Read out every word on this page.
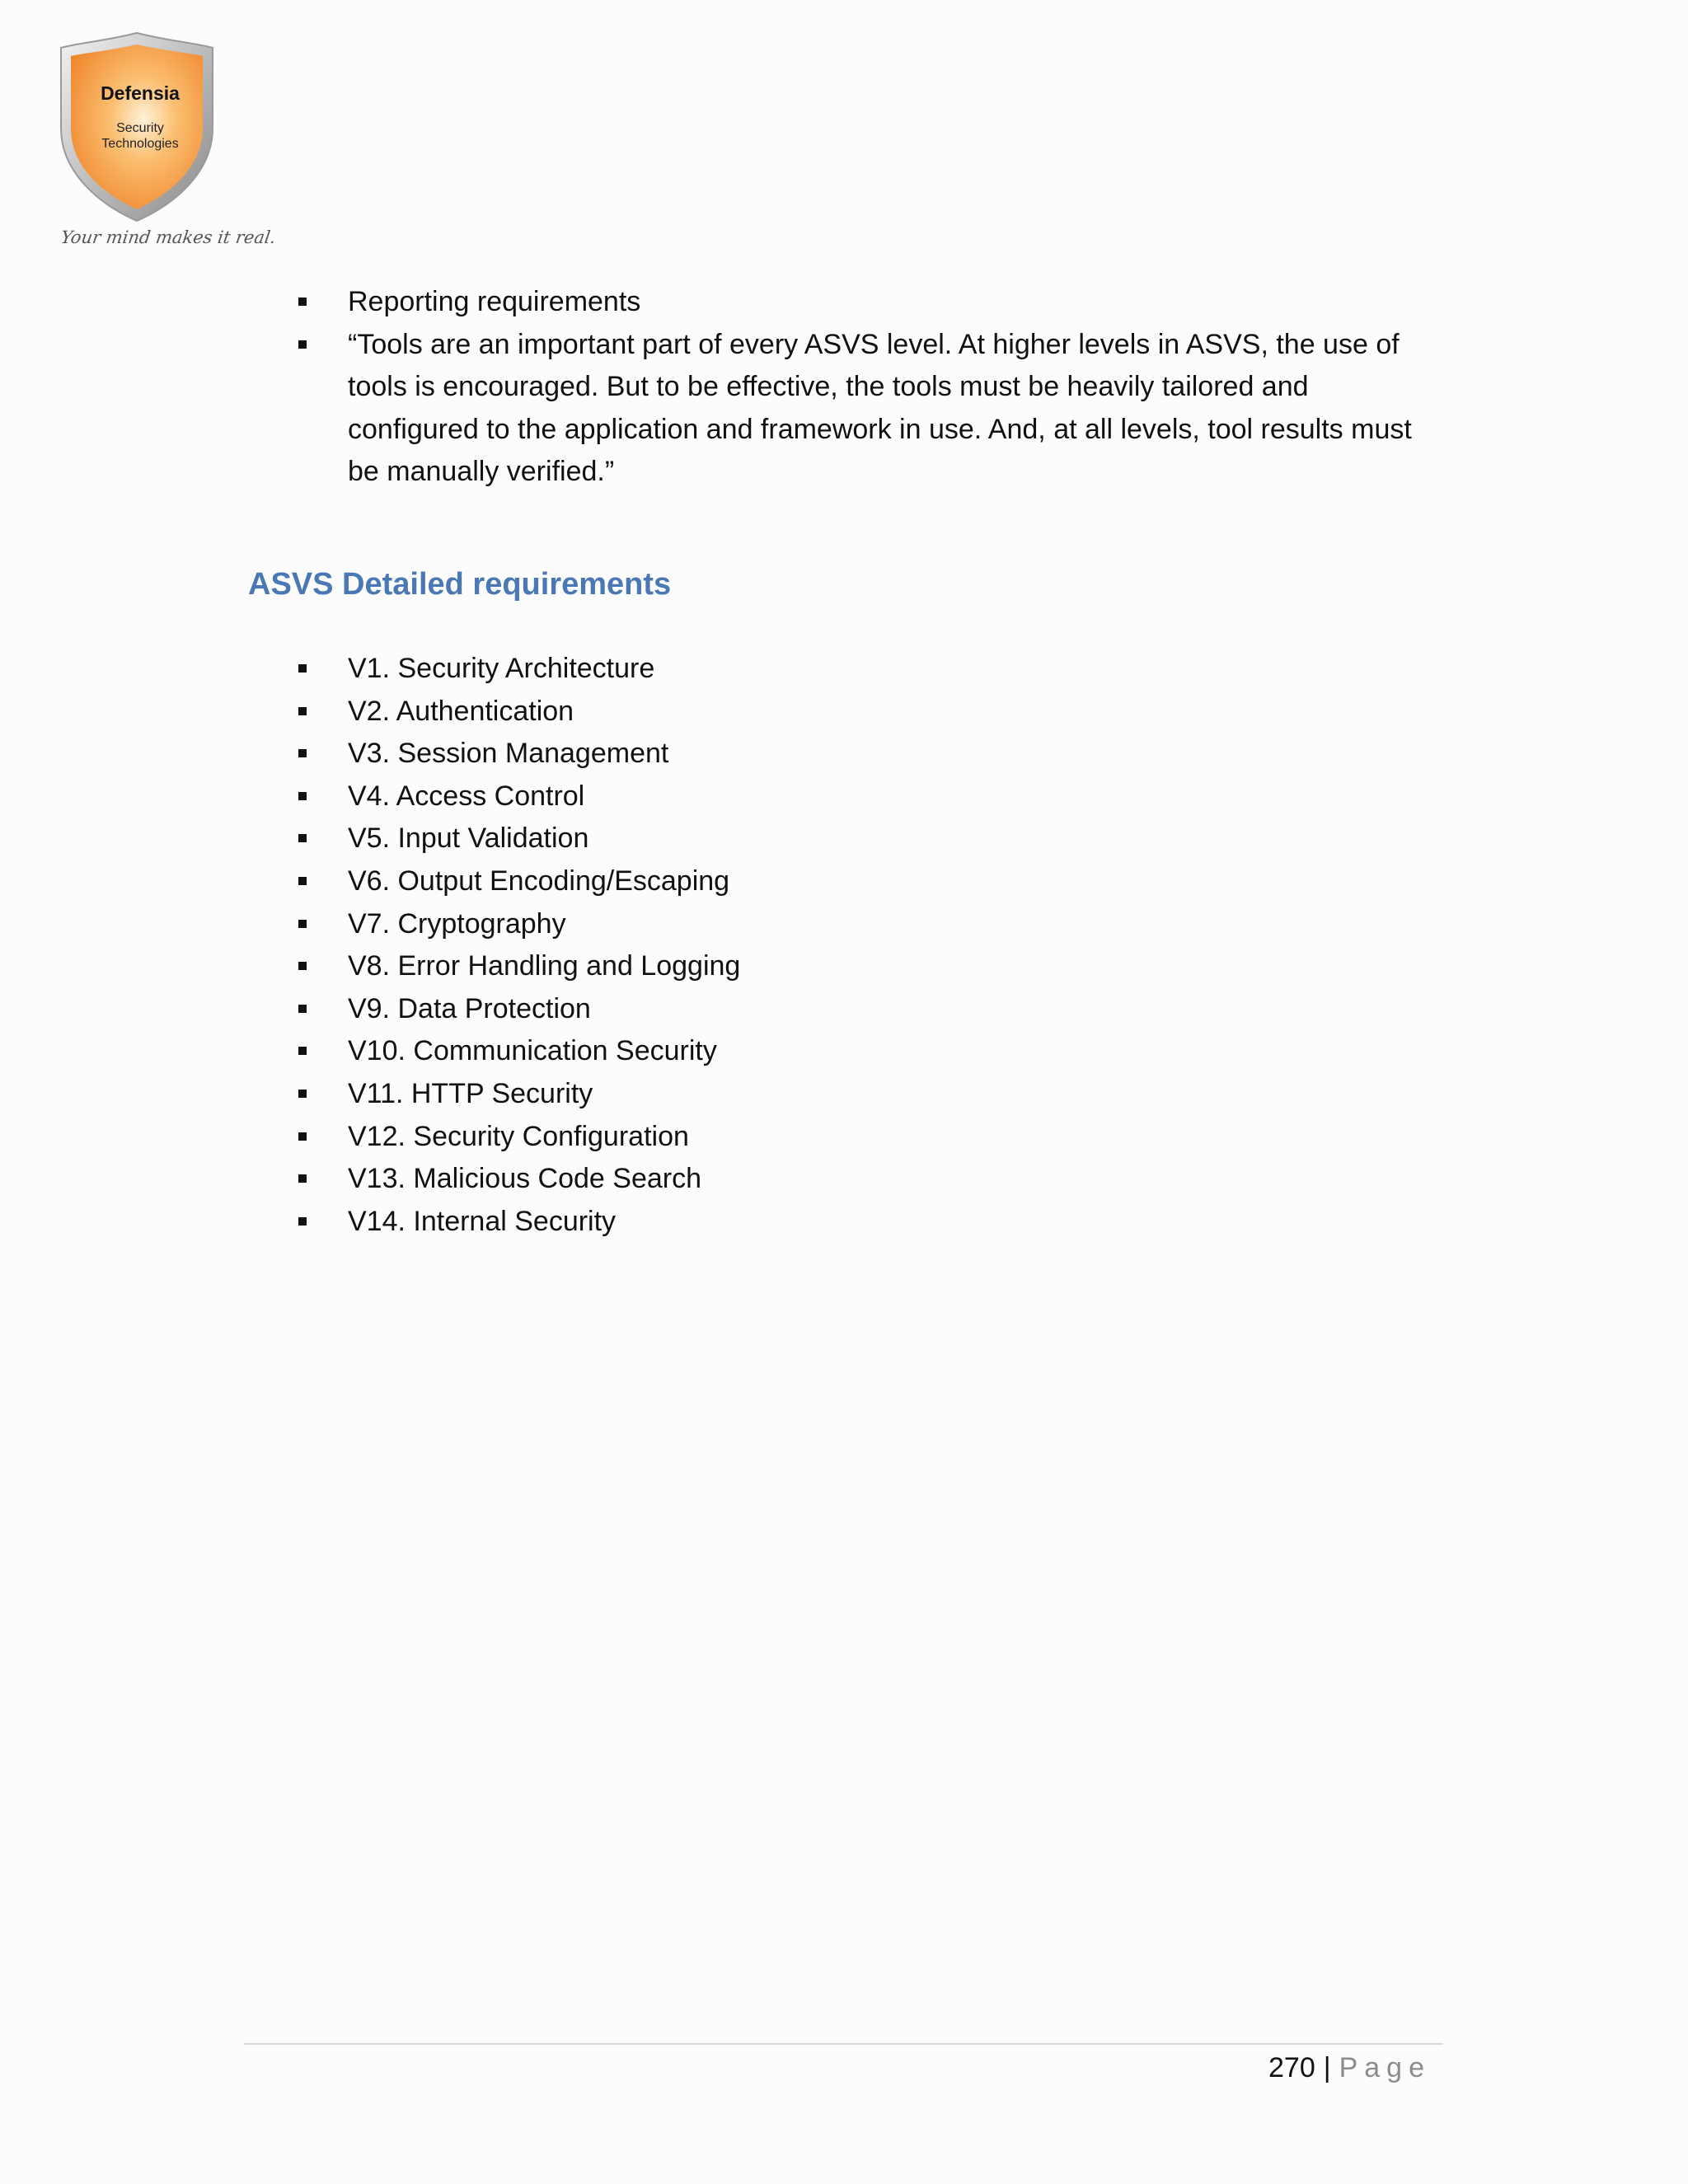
Defensia
Security
Technologies
Your mind makes it real.
Reporting requirements
“Tools are an important part of every ASVS level. At higher levels in ASVS, the use of tools is encouraged. But to be effective, the tools must be heavily tailored and configured to the application and framework in use. And, at all levels, tool results must be manually verified.”
ASVS Detailed requirements
V1. Security Architecture
V2. Authentication
V3. Session Management
V4. Access Control
V5. Input Validation
V6. Output Encoding/Escaping
V7. Cryptography
V8. Error Handling and Logging
V9. Data Protection
V10. Communication Security
V11. HTTP Security
V12. Security Configuration
V13. Malicious Code Search
V14. Internal Security
270 | Page
